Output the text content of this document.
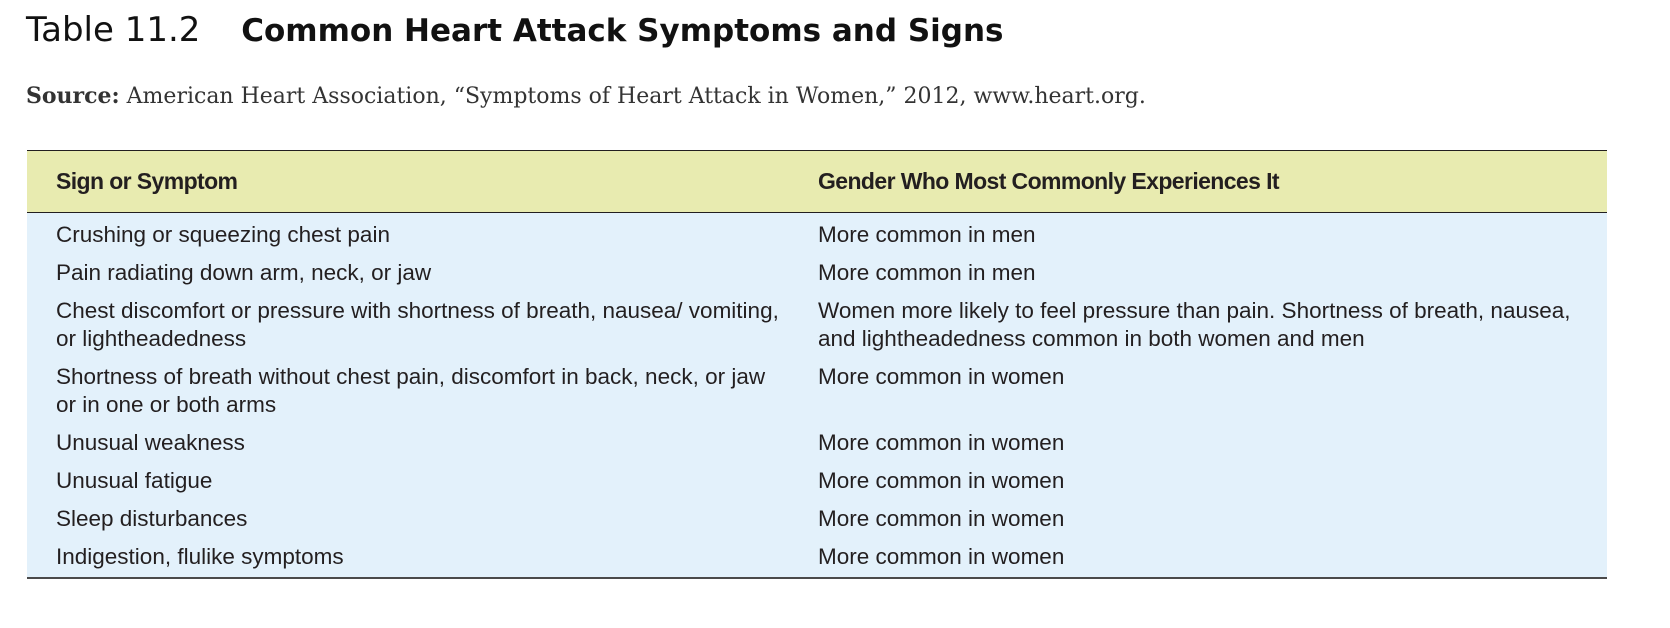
Table 11.2 Common Heart Attack Symptoms and Signs

Source: American Heart Association, “Symptoms of Heart Attack in Women,” 2012, www.heart.org.

Sign or Symptom	Gender Who Most Commonly Experiences It
Crushing or squeezing chest pain	More common in men
Pain radiating down arm, neck, or jaw	More common in men
Chest discomfort or pressure with shortness of breath, nausea/ vomiting, or lightheadedness	Women more likely to feel pressure than pain. Shortness of breath, nausea, and lightheadedness common in both women and men
Shortness of breath without chest pain, discomfort in back, neck, or jaw or in one or both arms	More common in women
Unusual weakness	More common in women
Unusual fatigue	More common in women
Sleep disturbances	More common in women
Indigestion, flulike symptoms	More common in women
